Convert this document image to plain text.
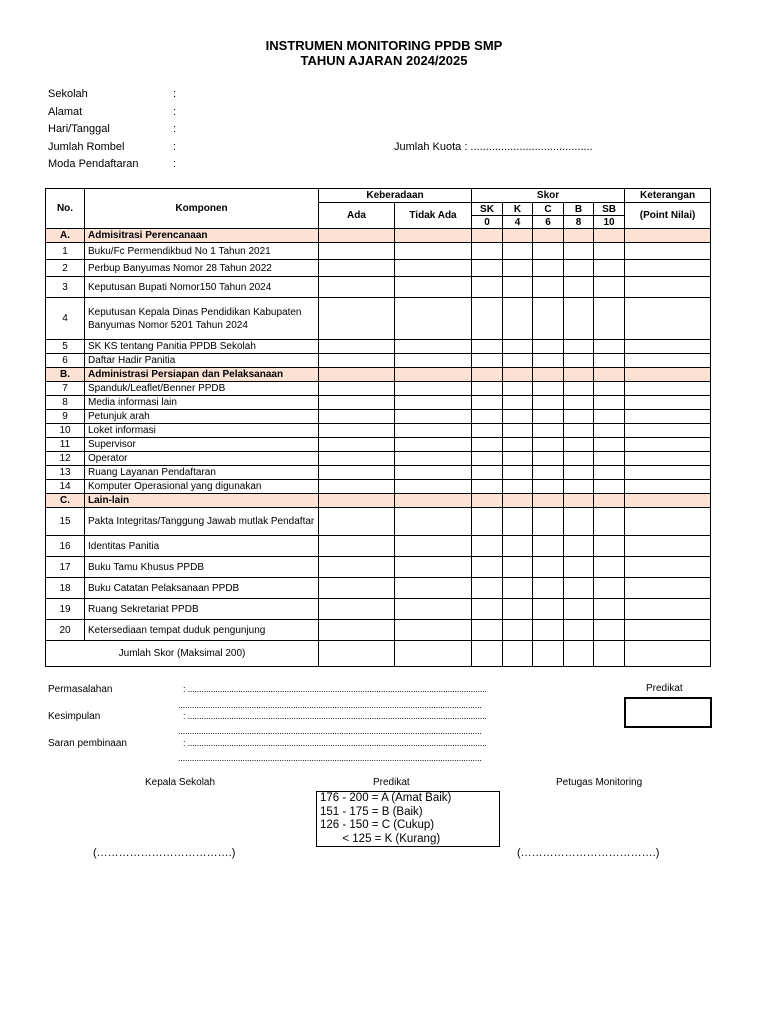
INSTRUMEN MONITORING PPDB SMP
TAHUN AJARAN 2024/2025
Sekolah	:
Alamat	:
Hari/Tanggal	:
Jumlah Rombel	:
Moda Pendaftaran	:
Jumlah Kuota : ........................................
No.	Komponen	Keberadaan		Skor					Keterangan
		Ada	Tidak Ada	SK	K	C	B	SB	(Point Nilai)
				0	4	6	8	10	
A.	Admisitrasi Perencanaan								
1	Buku/Fc Permendikbud No 1 Tahun 2021								
2	Perbup Banyumas Nomor 28 Tahun 2022								
3	Keputusan Bupati Nomor150 Tahun 2024								
4	Keputusan Kepala Dinas Pendidikan Kabupaten Banyumas Nomor 5201 Tahun 2024								
5	SK KS tentang Panitia PPDB Sekolah								
6	Daftar Hadir Panitia								
B.	Administrasi Persiapan dan Pelaksanaan								
7	Spanduk/Leaflet/Benner PPDB								
8	Media informasi lain								
9	Petunjuk arah								
10	Loket informasi								
11	Supervisor								
12	Operator								
13	Ruang Layanan Pendaftaran								
14	Komputer Operasional yang digunakan								
C.	Lain-lain								
15	Pakta Integritas/Tanggung Jawab mutlak Pendaftar								
16	Identitas Panitia								
17	Buku Tamu Khusus PPDB								
18	Buku Catatan Pelaksanaan PPDB								
19	Ruang Sekretariat PPDB								
20	Ketersediaan tempat duduk pengunjung								
Jumlah Skor (Maksimal 200)									
Permasalahan	: ..................................................................................................................................
....................................................................................................................................
Kesimpulan	: ..................................................................................................................................
....................................................................................................................................
Saran pembinaan	: ..................................................................................................................................
....................................................................................................................................
Predikat
Kepala Sekolah	Predikat	Petugas Monitoring
176 - 200 = A (Amat Baik)
151 - 175 = B (Baik)
126 - 150 = C (Cukup)
< 125 = K (Kurang)
(……………………………….)	(……………………………….)
